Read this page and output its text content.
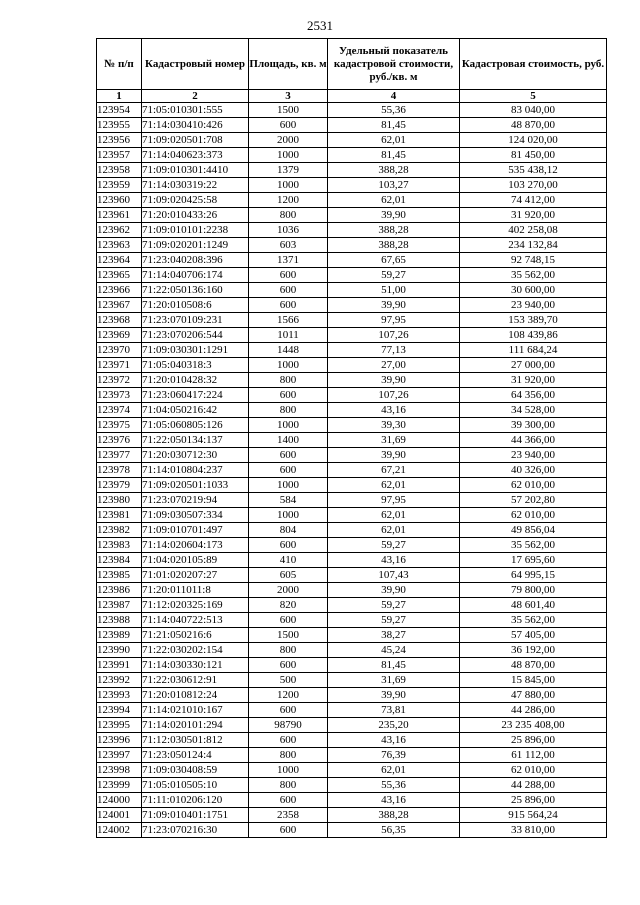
2531
№ п/п	Кадастровый номер	Площадь, кв. м	Удельный показатель кадастровой стоимости, руб./кв. м	Кадастровая стоимость, руб.
1	2	3	4	5
123954	71:05:010301:555	1500	55,36	83 040,00
123955	71:14:030410:426	600	81,45	48 870,00
123956	71:09:020501:708	2000	62,01	124 020,00
123957	71:14:040623:373	1000	81,45	81 450,00
123958	71:09:010301:4410	1379	388,28	535 438,12
123959	71:14:030319:22	1000	103,27	103 270,00
123960	71:09:020425:58	1200	62,01	74 412,00
123961	71:20:010433:26	800	39,90	31 920,00
123962	71:09:010101:2238	1036	388,28	402 258,08
123963	71:09:020201:1249	603	388,28	234 132,84
123964	71:23:040208:396	1371	67,65	92 748,15
123965	71:14:040706:174	600	59,27	35 562,00
123966	71:22:050136:160	600	51,00	30 600,00
123967	71:20:010508:6	600	39,90	23 940,00
123968	71:23:070109:231	1566	97,95	153 389,70
123969	71:23:070206:544	1011	107,26	108 439,86
123970	71:09:030301:1291	1448	77,13	111 684,24
123971	71:05:040318:3	1000	27,00	27 000,00
123972	71:20:010428:32	800	39,90	31 920,00
123973	71:23:060417:224	600	107,26	64 356,00
123974	71:04:050216:42	800	43,16	34 528,00
123975	71:05:060805:126	1000	39,30	39 300,00
123976	71:22:050134:137	1400	31,69	44 366,00
123977	71:20:030712:30	600	39,90	23 940,00
123978	71:14:010804:237	600	67,21	40 326,00
123979	71:09:020501:1033	1000	62,01	62 010,00
123980	71:23:070219:94	584	97,95	57 202,80
123981	71:09:030507:334	1000	62,01	62 010,00
123982	71:09:010701:497	804	62,01	49 856,04
123983	71:14:020604:173	600	59,27	35 562,00
123984	71:04:020105:89	410	43,16	17 695,60
123985	71:01:020207:27	605	107,43	64 995,15
123986	71:20:011011:8	2000	39,90	79 800,00
123987	71:12:020325:169	820	59,27	48 601,40
123988	71:14:040722:513	600	59,27	35 562,00
123989	71:21:050216:6	1500	38,27	57 405,00
123990	71:22:030202:154	800	45,24	36 192,00
123991	71:14:030330:121	600	81,45	48 870,00
123992	71:22:030612:91	500	31,69	15 845,00
123993	71:20:010812:24	1200	39,90	47 880,00
123994	71:14:021010:167	600	73,81	44 286,00
123995	71:14:020101:294	98790	235,20	23 235 408,00
123996	71:12:030501:812	600	43,16	25 896,00
123997	71:23:050124:4	800	76,39	61 112,00
123998	71:09:030408:59	1000	62,01	62 010,00
123999	71:05:010505:10	800	55,36	44 288,00
124000	71:11:010206:120	600	43,16	25 896,00
124001	71:09:010401:1751	2358	388,28	915 564,24
124002	71:23:070216:30	600	56,35	33 810,00
